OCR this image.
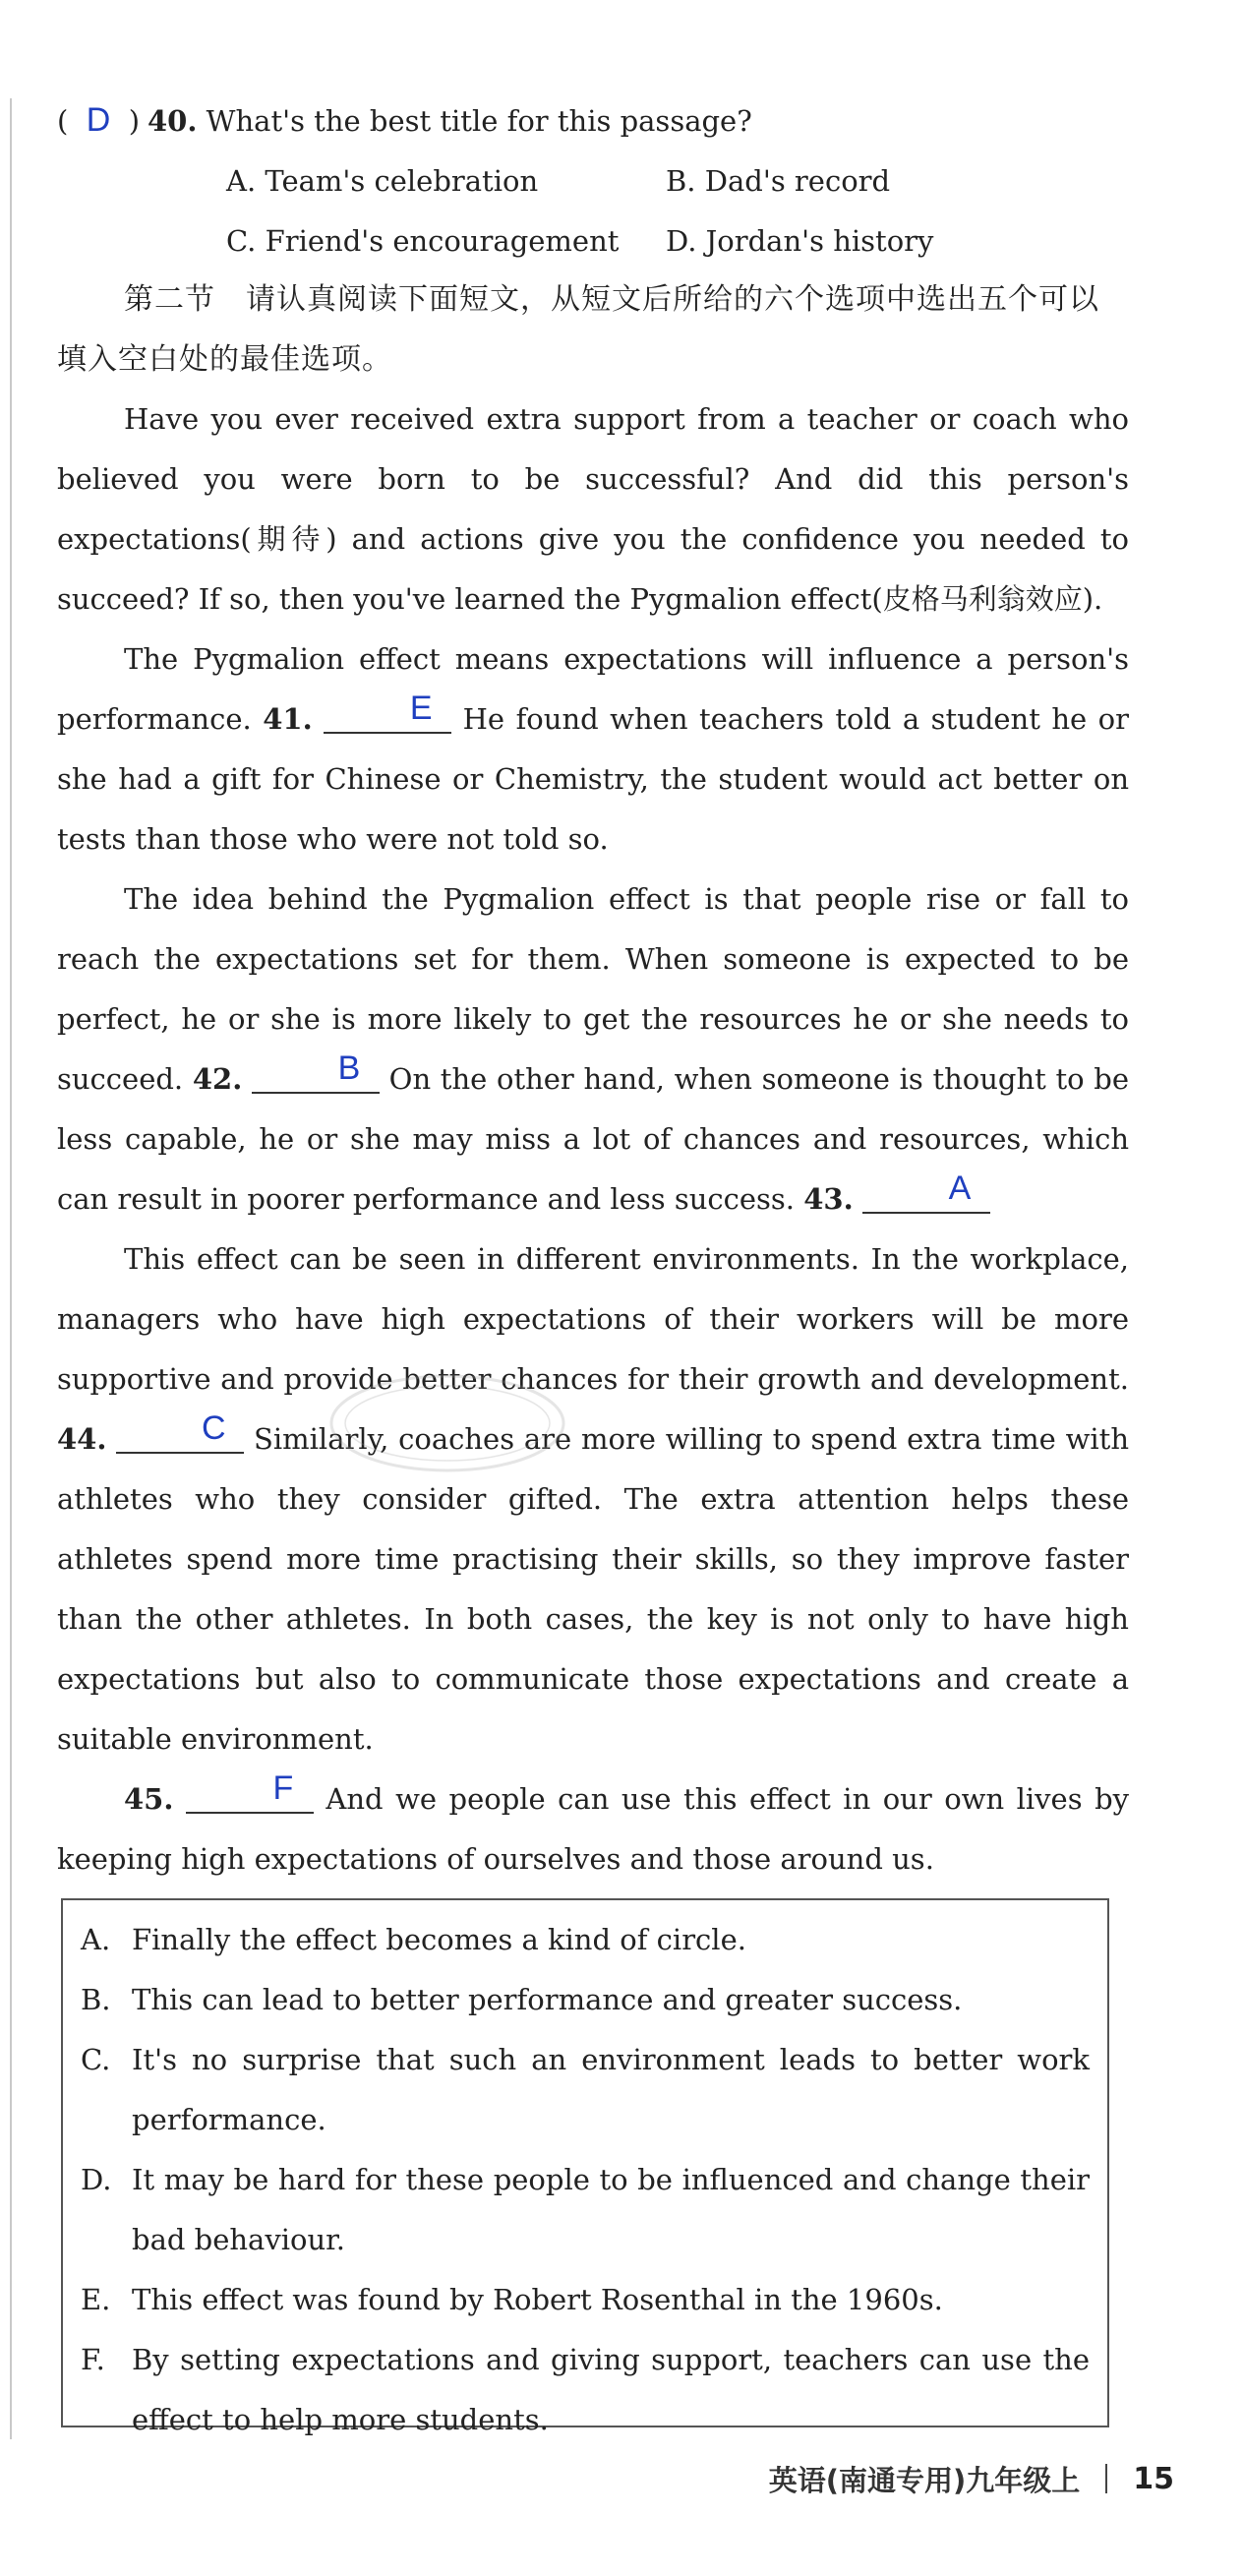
( D ) 40. What's the best title for this passage?
A. Team's celebration	B. Dad's record
C. Friend's encouragement	D. Jordan's history
第二节　请认真阅读下面短文，从短文后所给的六个选项中选出五个可以填入空白处的最佳选项。

Have you ever received extra support from a teacher or coach who believed you were born to be successful? And did this person's expectations(期待) and actions give you the confidence you needed to succeed? If so, then you've learned the Pygmalion effect(皮格马利翁效应).

The Pygmalion effect means expectations will influence a person's performance. 41.	E He found when teachers told a student he or she had a gift for Chinese or Chemistry, the student would act better on tests than those who were not told so.

The idea behind the Pygmalion effect is that people rise or fall to reach the expectations set for them. When someone is expected to be perfect, he or she is more likely to get the resources he or she needs to succeed. 42.	B On the other hand, when someone is thought to be less capable, he or she may miss a lot of chances and resources, which can result in poorer performance and less success. 43.	A

This effect can be seen in different environments. In the workplace, managers who have high expectations of their workers will be more supportive and provide better chances for their growth and development. 44.	C Similarly, coaches are more willing to spend extra time with athletes who they consider gifted. The extra attention helps these athletes spend more time practising their skills, so they improve faster than the other athletes. In both cases, the key is not only to have high expectations but also to communicate those expectations and create a suitable environment.

45.	F And we people can use this effect in our own lives by keeping high expectations of ourselves and those around us.

A. Finally the effect becomes a kind of circle.
B. This can lead to better performance and greater success.
C. It's no surprise that such an environment leads to better work performance.
D. It may be hard for these people to be influenced and change their bad behaviour.
E. This effect was found by Robert Rosenthal in the 1960s.
F. By setting expectations and giving support, teachers can use the effect to help more students.
英语(南通专用)九年级上 15
